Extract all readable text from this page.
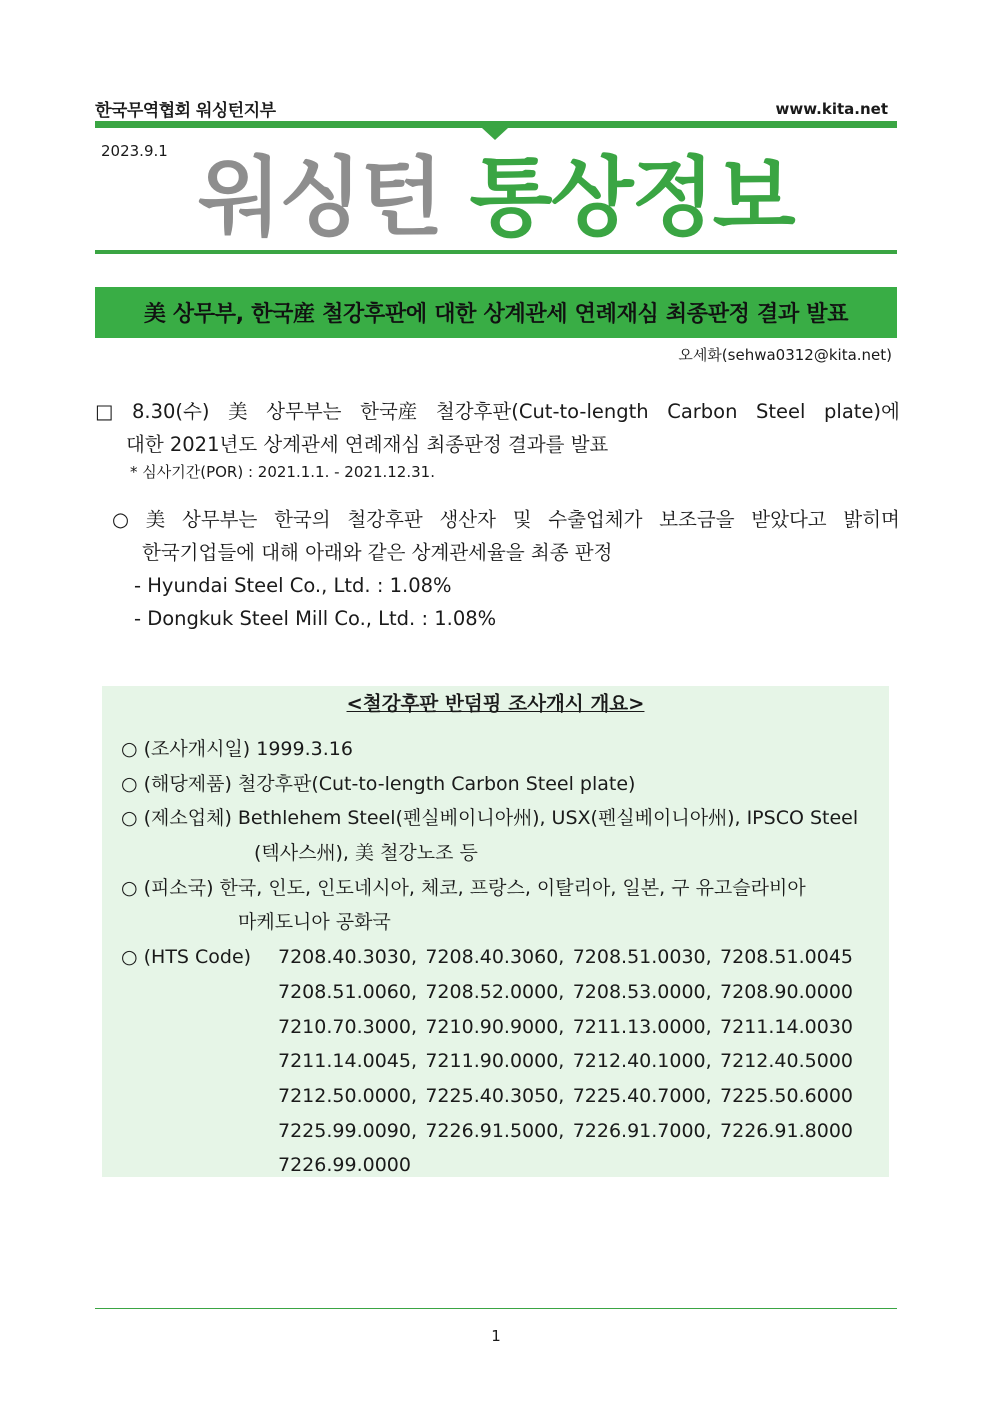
한국무역협회 워싱턴지부	www.kita.net
2023.9.1 워싱턴 통상정보
美 상무부, 한국産 철강후판에 대한 상계관세 연례재심 최종판정 결과 발표
오세화(sehwa0312@kita.net)
□ 8.30(수) 美 상무부는 한국産 철강후판(Cut-to-length Carbon Steel plate)에
대한 2021년도 상계관세 연례재심 최종판정 결과를 발표
* 심사기간(POR) : 2021.1.1. - 2021.12.31.
○ 美 상무부는 한국의 철강후판 생산자 및 수출업체가 보조금을 받았다고 밝히며
한국기업들에 대해 아래와 같은 상계관세율을 최종 판정
- Hyundai Steel Co., Ltd. : 1.08%
- Dongkuk Steel Mill Co., Ltd. : 1.08%
<철강후판 반덤핑 조사개시 개요>
○ (조사개시일) 1999.3.16
○ (해당제품) 철강후판(Cut-to-length Carbon Steel plate)
○ (제소업체) Bethlehem Steel(펜실베이니아州), USX(펜실베이니아州), IPSCO Steel
(텍사스州), 美 철강노조 등
○ (피소국) 한국, 인도, 인도네시아, 체코, 프랑스, 이탈리아, 일본, 구 유고슬라비아
마케도니아 공화국
○ (HTS Code) 7208.40.3030, 7208.40.3060, 7208.51.0030, 7208.51.0045
7208.51.0060, 7208.52.0000, 7208.53.0000, 7208.90.0000
7210.70.3000, 7210.90.9000, 7211.13.0000, 7211.14.0030
7211.14.0045, 7211.90.0000, 7212.40.1000, 7212.40.5000
7212.50.0000, 7225.40.3050, 7225.40.7000, 7225.50.6000
7225.99.0090, 7226.91.5000, 7226.91.7000, 7226.91.8000
7226.99.0000
1
